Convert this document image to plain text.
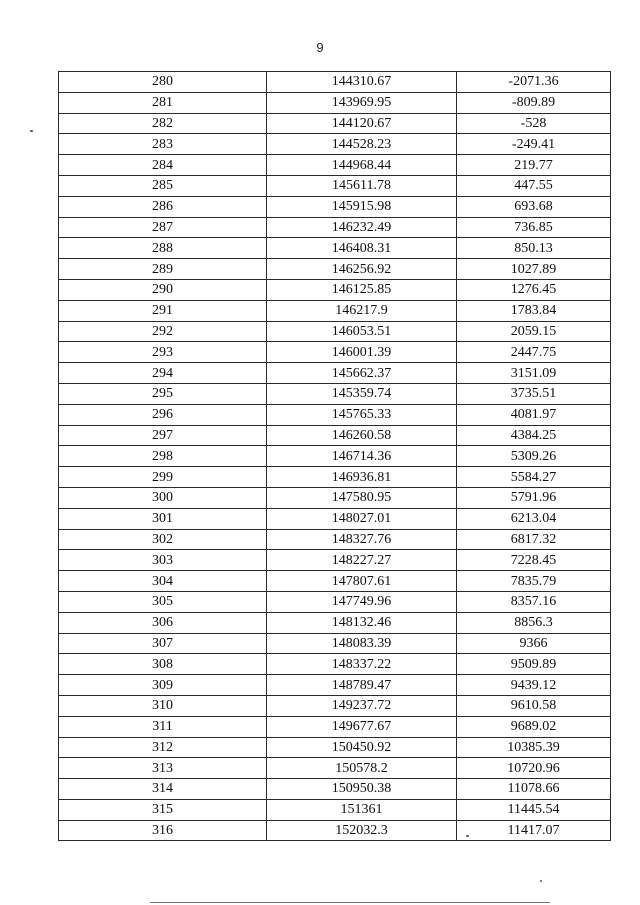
9
280	144310.67	-2071.36
281	143969.95	-809.89
282	144120.67	-528
283	144528.23	-249.41
284	144968.44	219.77
285	145611.78	447.55
286	145915.98	693.68
287	146232.49	736.85
288	146408.31	850.13
289	146256.92	1027.89
290	146125.85	1276.45
291	146217.9	1783.84
292	146053.51	2059.15
293	146001.39	2447.75
294	145662.37	3151.09
295	145359.74	3735.51
296	145765.33	4081.97
297	146260.58	4384.25
298	146714.36	5309.26
299	146936.81	5584.27
300	147580.95	5791.96
301	148027.01	6213.04
302	148327.76	6817.32
303	148227.27	7228.45
304	147807.61	7835.79
305	147749.96	8357.16
306	148132.46	8856.3
307	148083.39	9366
308	148337.22	9509.89
309	148789.47	9439.12
310	149237.72	9610.58
311	149677.67	9689.02
312	150450.92	10385.39
313	150578.2	10720.96
314	150950.38	11078.66
315	151361	11445.54
316	152032.3	11417.07
